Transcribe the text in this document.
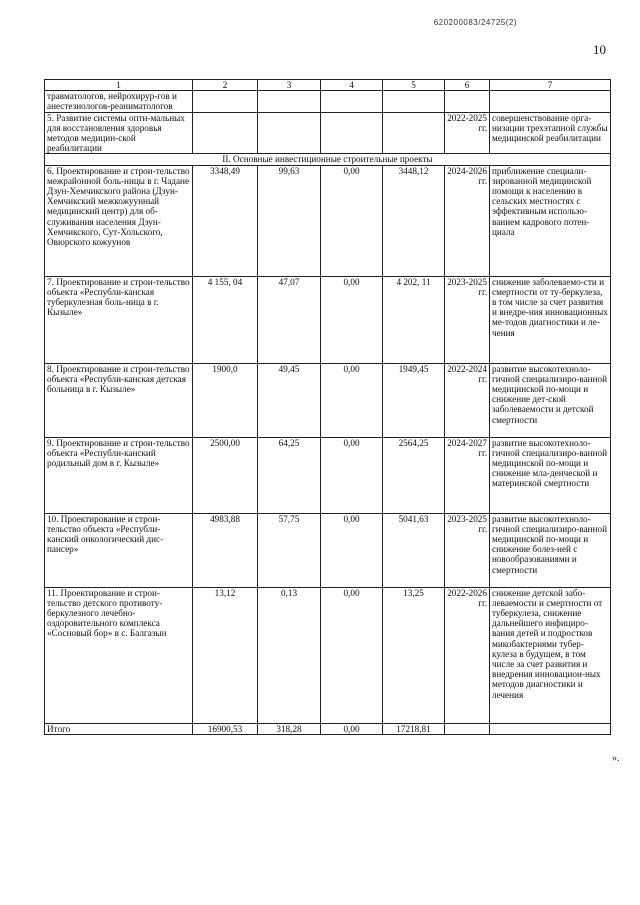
620200083/24725(2)
10
1	2	3	4	5	6	7
травматологов, нейрохирур-гов и анестезиологов-реаниматологов						
5. Развитие системы опти-мальных для восстановления здоровья методов медицин-ской реабилитации					2022-2025 гг.	совершенствование орга-низации трехэтапной службы медицинской реабилитации
II. Основные инвестиционные строительные проекты						
6. Проектирование и строи-тельство межрайонной боль-ницы в г. Чадане Дзун-Хемчикского района (Дзун-Хемчикский межкожуунный медицинский центр) для об-служивания населения Дзун-Хемчикского, Сут-Хольского, Овюрского кожуунов	3348,49	99,63	0,00	3448,12	2024-2026 гг.	приближение специали-зированной медицинской помощи к населению в сельских местностях с эффективным использо-ванием кадрового потен-циала
7. Проектирование и строи-тельство объекта «Республи-канская туберкулезная боль-ница в г. Кызыле»	4 155, 04	47,07	0,00	4 202, 11	2023-2025 гг.	снижение заболеваемо-сти и смертности от ту-беркулеза, в том числе за счет развития и внедре-ния инновационных ме-тодов диагностики и ле-чения
8. Проектирование и строи-тельство объекта «Республи-канская детская больница в г. Кызыле»	1900,0	49,45	0,00	1949,45	2022-2024 гг.	развитие высокотехноло-гичной специализиро-ванной медицинской по-мощи и снижение дет-ской заболеваемости и детской смертности
9. Проектирование и строи-тельство объекта «Республи-канский родильный дом в г. Кызыле»	2500,00	64,25	0,00	2564,25	2024-2027 гг.	развитие высокотехноло-гичной специализиро-ванной медицинской по-мощи и снижение мла-денческой и материнской смертности
10. Проектирование и строи-тельство объекта «Республи-канский онкологический дис-пансер»	4983,88	57,75	0,00	5041,63	2023-2025 гг.	развитие высокотехноло-гичной специализиро-ванной медицинской по-мощи и снижение болез-ней с новообразованиями и смертности
11. Проектирование и строи-тельство детского противоту-беркулезного лечебно-оздоровительного комплекса «Сосновый бор» в с. Балгазын	13,12	0,13	0,00	13,25	2022-2026 гг.	снижение детской забо-леваемости и смертности от туберкулеза, снижение дальнейшего инфициро-вания детей и подростков микобактериями тубер-кулеза в будущем, в том числе за счет развития и внедрения инновацион-ных методов диагностики и лечения
Итого	16900,53	318,28	0,00	17218,81		
».
